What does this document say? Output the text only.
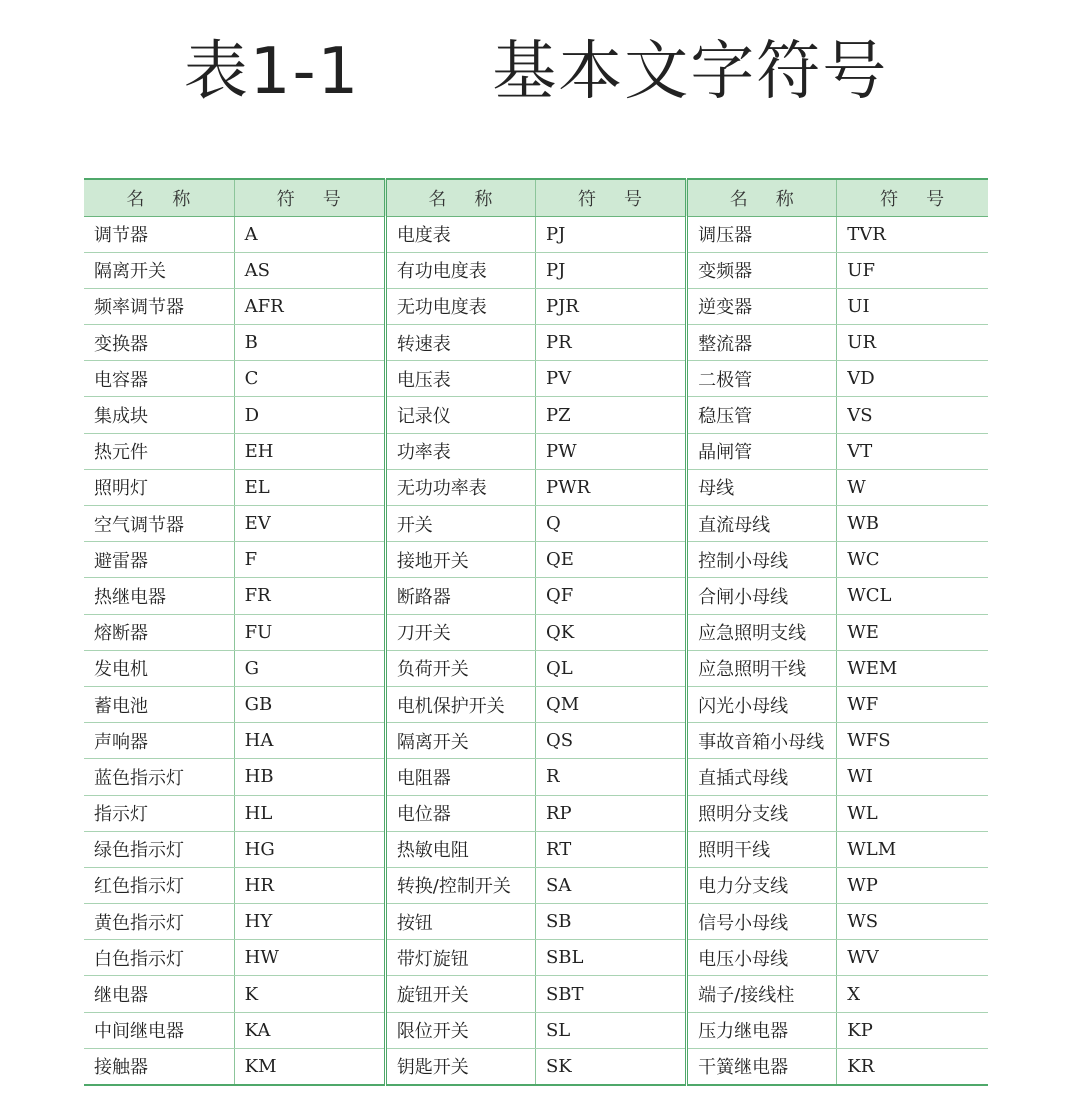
表1-1　　基本文字符号
名称	符号	名称	符号	名称	符号
调节器	A	电度表	PJ	调压器	TVR
隔离开关	AS	有功电度表	PJ	变频器	UF
频率调节器	AFR	无功电度表	PJR	逆变器	UI
变换器	B	转速表	PR	整流器	UR
电容器	C	电压表	PV	二极管	VD
集成块	D	记录仪	PZ	稳压管	VS
热元件	EH	功率表	PW	晶闸管	VT
照明灯	EL	无功功率表	PWR	母线	W
空气调节器	EV	开关	Q	直流母线	WB
避雷器	F	接地开关	QE	控制小母线	WC
热继电器	FR	断路器	QF	合闸小母线	WCL
熔断器	FU	刀开关	QK	应急照明支线	WE
发电机	G	负荷开关	QL	应急照明干线	WEM
蓄电池	GB	电机保护开关	QM	闪光小母线	WF
声响器	HA	隔离开关	QS	事故音箱小母线	WFS
蓝色指示灯	HB	电阻器	R	直插式母线	WI
指示灯	HL	电位器	RP	照明分支线	WL
绿色指示灯	HG	热敏电阻	RT	照明干线	WLM
红色指示灯	HR	转换/控制开关	SA	电力分支线	WP
黄色指示灯	HY	按钮	SB	信号小母线	WS
白色指示灯	HW	带灯旋钮	SBL	电压小母线	WV
继电器	K	旋钮开关	SBT	端子/接线柱	X
中间继电器	KA	限位开关	SL	压力继电器	KP
接触器	KM	钥匙开关	SK	干簧继电器	KR
